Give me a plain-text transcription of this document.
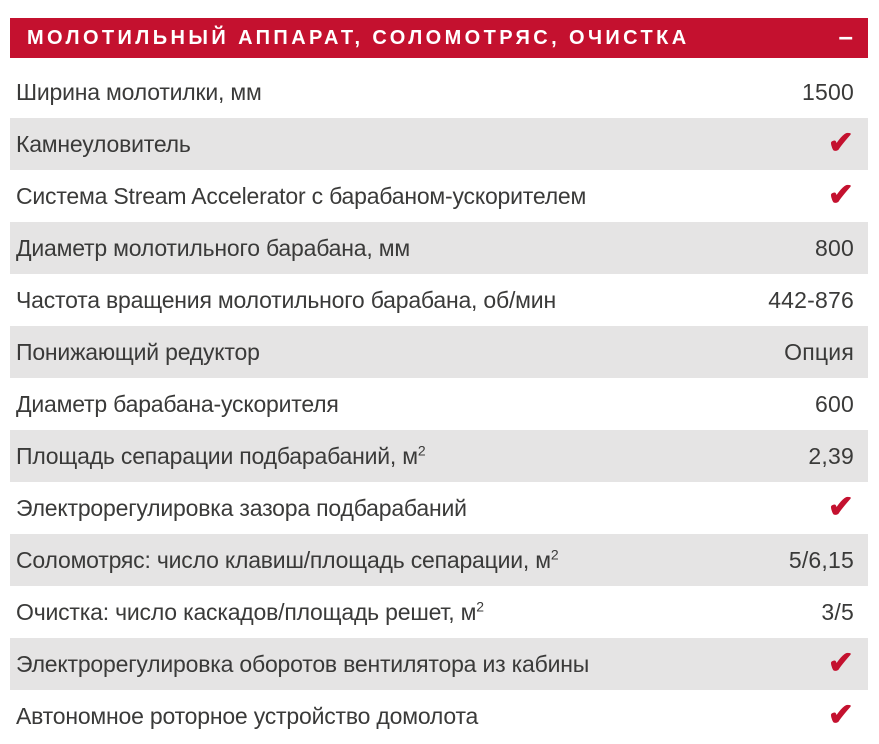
МОЛОТИЛЬНЫЙ АППАРАТ, СОЛОМОТРЯС, ОЧИСТКА	–
Ширина молотилки, мм	1500
Камнеуловитель	✔
Система Stream Accelerator с барабаном-ускорителем	✔
Диаметр молотильного барабана, мм	800
Частота вращения молотильного барабана, об/мин	442-876
Понижающий редуктор	Опция
Диаметр барабана-ускорителя	600
Площадь сепарации подбарабаний, $м^2$	2,39
Электрорегулировка зазора подбарабаний	✔
Соломотряс: число клавиш/площадь сепарации, $м^2$	5/6,15
Очистка: число каскадов/площадь решет, $м^2$	3/5
Электрорегулировка оборотов вентилятора из кабины	✔
Автономное роторное устройство домолота	✔
